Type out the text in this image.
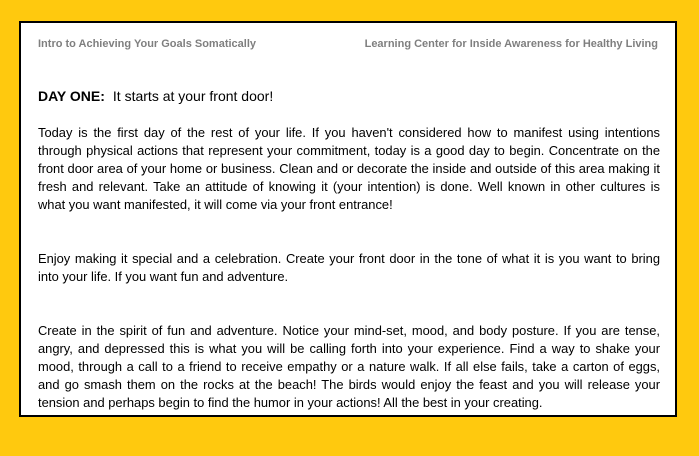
Intro to Achieving Your Goals Somatically	Learning Center for Inside Awareness for Healthy Living
DAY ONE: It starts at your front door!

Today is the first day of the rest of your life. If you haven't considered how to manifest using intentions through physical actions that represent your commitment, today is a good day to begin. Concentrate on the front door area of your home or business. Clean and or decorate the inside and outside of this area making it fresh and relevant. Take an attitude of knowing it (your intention) is done. Well known in other cultures is what you want manifested, it will come via your front entrance!

Enjoy making it special and a celebration. Create your front door in the tone of what it is you want to bring into your life. If you want fun and adventure.

Create in the spirit of fun and adventure. Notice your mind-set, mood, and body posture. If you are tense, angry, and depressed this is what you will be calling forth into your experience. Find a way to shake your mood, through a call to a friend to receive empathy or a nature walk. If all else fails, take a carton of eggs, and go smash them on the rocks at the beach! The birds would enjoy the feast and you will release your tension and perhaps begin to find the humor in your actions! All the best in your creating.
